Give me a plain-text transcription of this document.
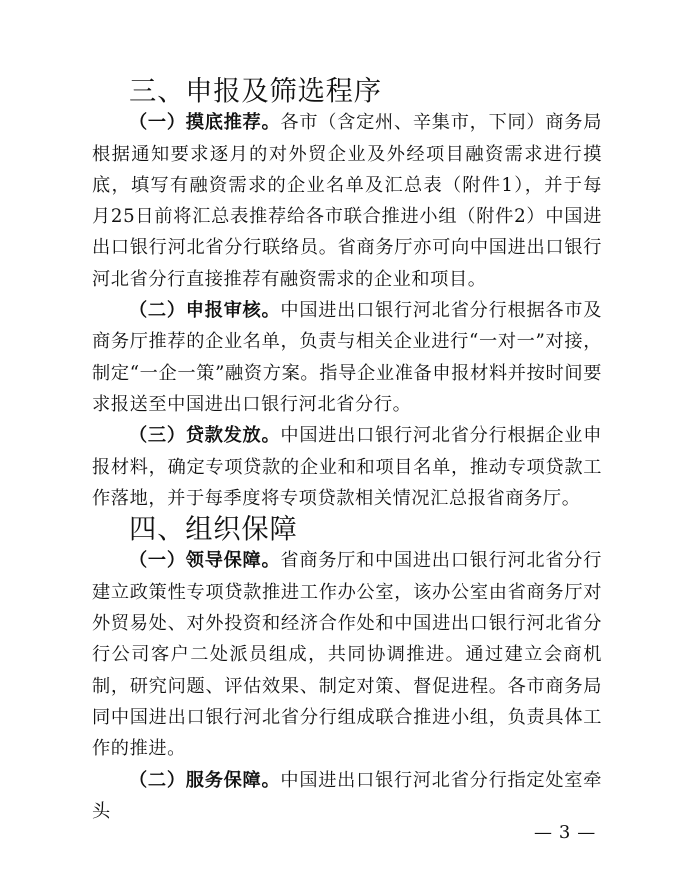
三、申报及筛选程序

（一）摸底推荐。各市（含定州、辛集市，下同）商务局根据通知要求逐月的对外贸企业及外经项目融资需求进行摸底，填写有融资需求的企业名单及汇总表（附件1），并于每月25日前将汇总表推荐给各市联合推进小组（附件2）中国进出口银行河北省分行联络员。省商务厅亦可向中国进出口银行河北省分行直接推荐有融资需求的企业和项目。

（二）申报审核。中国进出口银行河北省分行根据各市及商务厅推荐的企业名单，负责与相关企业进行“一对一”对接，制定“一企一策”融资方案。指导企业准备申报材料并按时间要求报送至中国进出口银行河北省分行。

（三）贷款发放。中国进出口银行河北省分行根据企业申报材料，确定专项贷款的企业和和项目名单，推动专项贷款工作落地，并于每季度将专项贷款相关情况汇总报省商务厅。

四、组织保障

（一）领导保障。省商务厅和中国进出口银行河北省分行建立政策性专项贷款推进工作办公室，该办公室由省商务厅对外贸易处、对外投资和经济合作处和中国进出口银行河北省分行公司客户二处派员组成，共同协调推进。通过建立会商机制，研究问题、评估效果、制定对策、督促进程。各市商务局同中国进出口银行河北省分行组成联合推进小组，负责具体工作的推进。

（二）服务保障。中国进出口银行河北省分行指定处室牵头

— 3 —
